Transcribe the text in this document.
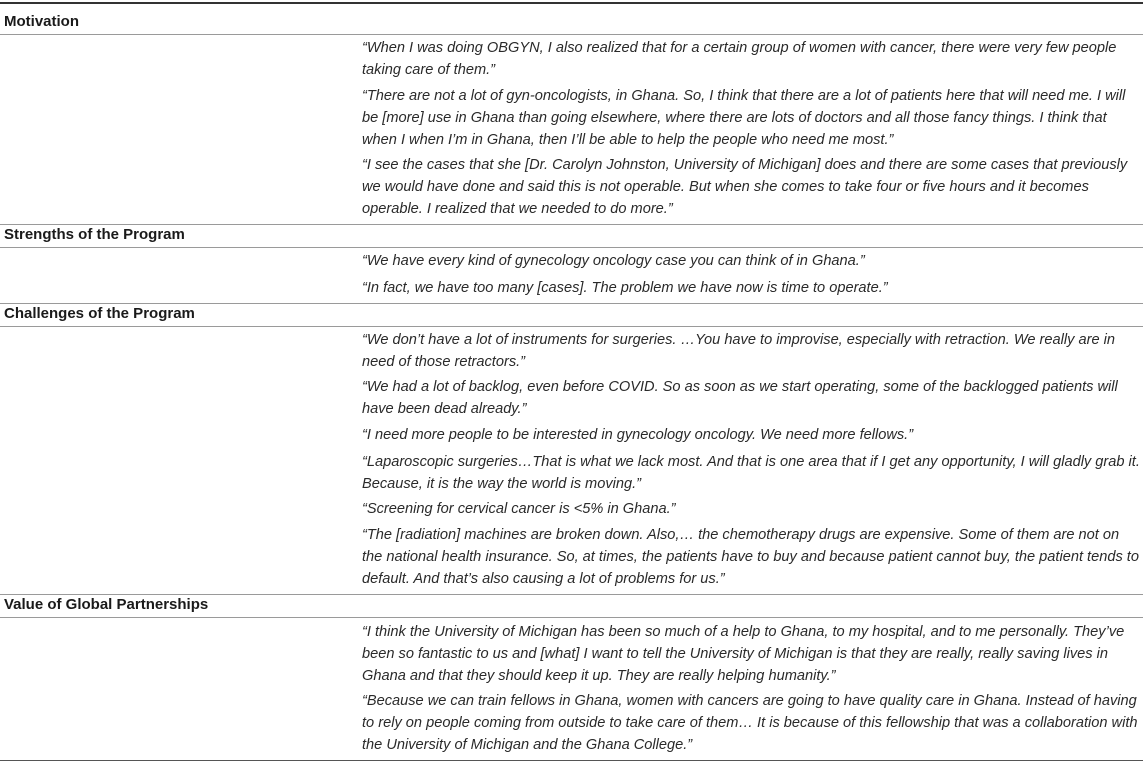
Motivation

“When I was doing OBGYN, I also realized that for a certain group of women with cancer, there were very few people taking care of them.”

“There are not a lot of gyn-oncologists, in Ghana. So, I think that there are a lot of patients here that will need me. I will be [more] use in Ghana than going elsewhere, where there are lots of doctors and all those fancy things. I think that when I when I’m in Ghana, then I’ll be able to help the people who need me most.”

“I see the cases that she [Dr. Carolyn Johnston, University of Michigan] does and there are some cases that previously we would have done and said this is not operable. But when she comes to take four or five hours and it becomes operable. I realized that we needed to do more.”

Strengths of the Program

“We have every kind of gynecology oncology case you can think of in Ghana.”

“In fact, we have too many [cases]. The problem we have now is time to operate.”

Challenges of the Program

“We don’t have a lot of instruments for surgeries. …You have to improvise, especially with retraction. We really are in need of those retractors.”

“We had a lot of backlog, even before COVID. So as soon as we start operating, some of the backlogged patients will have been dead already.”

“I need more people to be interested in gynecology oncology. We need more fellows.”

“Laparoscopic surgeries…That is what we lack most. And that is one area that if I get any opportunity, I will gladly grab it. Because, it is the way the world is moving.”

“Screening for cervical cancer is <5% in Ghana.”

“The [radiation] machines are broken down. Also,… the chemotherapy drugs are expensive. Some of them are not on the national health insurance. So, at times, the patients have to buy and because patient cannot buy, the patient tends to default. And that’s also causing a lot of problems for us.”

Value of Global Partnerships

“I think the University of Michigan has been so much of a help to Ghana, to my hospital, and to me personally. They’ve been so fantastic to us and [what] I want to tell the University of Michigan is that they are really, really saving lives in Ghana and that they should keep it up. They are really helping humanity.”

“Because we can train fellows in Ghana, women with cancers are going to have quality care in Ghana. Instead of having to rely on people coming from outside to take care of them… It is because of this fellowship that was a collaboration with the University of Michigan and the Ghana College.”
